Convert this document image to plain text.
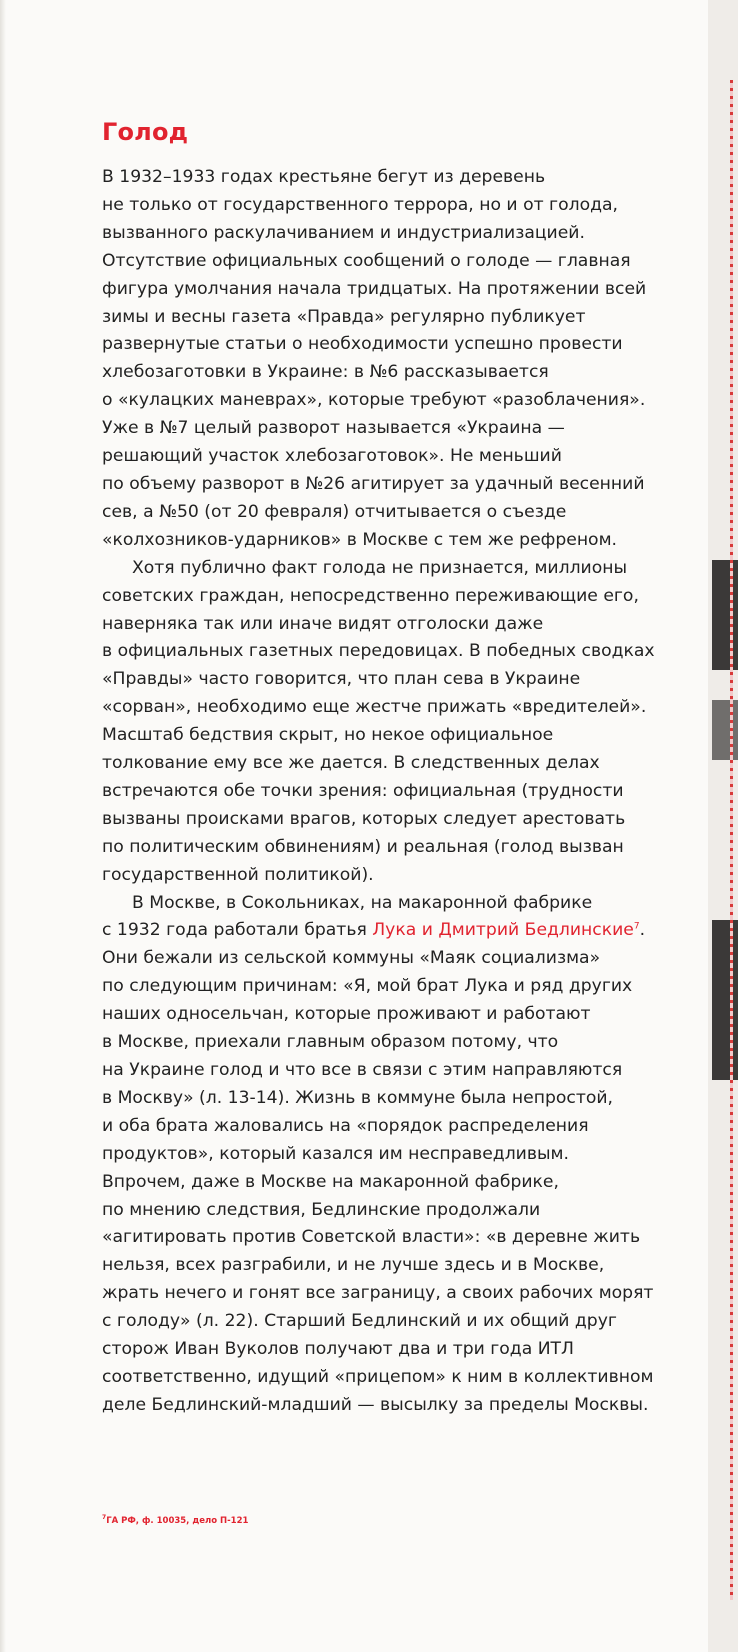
Голод
В 1932–1933 годах крестьяне бегут из деревень
не только от государственного террора, но и от голода,
вызванного раскулачиванием и индустриализацией.
Отсутствие официальных сообщений о голоде — главная
фигура умолчания начала тридцатых. На протяжении всей
зимы и весны газета «Правда» регулярно публикует
развернутые статьи о необходимости успешно провести
хлебозаготовки в Украине: в №6 рассказывается
о «кулацких маневрах», которые требуют «разоблачения».
Уже в №7 целый разворот называется «Украина —
решающий участок хлебозаготовок». Не меньший
по объему разворот в №26 агитирует за удачный весенний
сев, а №50 (от 20 февраля) отчитывается о съезде
«колхозников-ударников» в Москве с тем же рефреном.
Хотя публично факт голода не признается, миллионы
советских граждан, непосредственно переживающие его,
наверняка так или иначе видят отголоски даже
в официальных газетных передовицах. В победных сводках
«Правды» часто говорится, что план сева в Украине
«сорван», необходимо еще жестче прижать «вредителей».
Масштаб бедствия скрыт, но некое официальное
толкование ему все же дается. В следственных делах
встречаются обе точки зрения: официальная (трудности
вызваны происками врагов, которых следует арестовать
по политическим обвинениям) и реальная (голод вызван
государственной политикой).
В Москве, в Сокольниках, на макаронной фабрике
с 1932 года работали братья Лука и Дмитрий Бедлинские$^7$.
Они бежали из сельской коммуны «Маяк социализма»
по следующим причинам: «Я, мой брат Лука и ряд других
наших односельчан, которые проживают и работают
в Москве, приехали главным образом потому, что
на Украине голод и что все в связи с этим направляются
в Москву» (л. 13-14). Жизнь в коммуне была непростой,
и оба брата жаловались на «порядок распределения
продуктов», который казался им несправедливым.
Впрочем, даже в Москве на макаронной фабрике,
по мнению следствия, Бедлинские продолжали
«агитировать против Советской власти»: «в деревне жить
нельзя, всех разграбили, и не лучше здесь и в Москве,
жрать нечего и гонят все заграницу, а своих рабочих морят
с голоду» (л. 22). Старший Бедлинский и их общий друг
сторож Иван Вуколов получают два и три года ИТЛ
соответственно, идущий «прицепом» к ним в коллективном
деле Бедлинский-младший — высылку за пределы Москвы.
$^7$ГА РФ, ф. 10035, дело П-121
